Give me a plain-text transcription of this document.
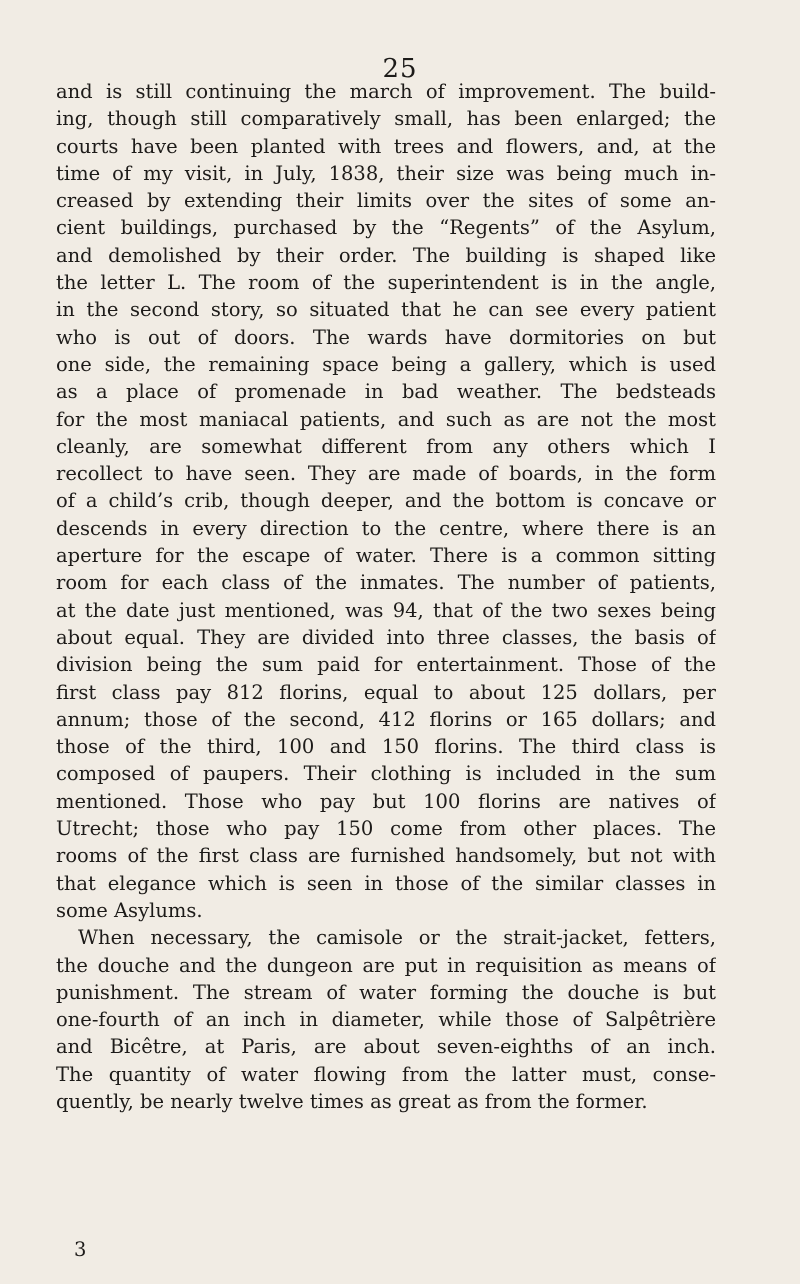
25
and is still continuing the march of improvement. The build-
ing, though still comparatively small, has been enlarged; the
courts have been planted with trees and flowers, and, at the
time of my visit, in July, 1838, their size was being much in-
creased by extending their limits over the sites of some an-
cient buildings, purchased by the “Regents” of the Asylum,
and demolished by their order. The building is shaped like
the letter L. The room of the superintendent is in the angle,
in the second story, so situated that he can see every patient
who is out of doors. The wards have dormitories on but
one side, the remaining space being a gallery, which is used
as a place of promenade in bad weather. The bedsteads
for the most maniacal patients, and such as are not the most
cleanly, are somewhat different from any others which I
recollect to have seen. They are made of boards, in the form
of a child’s crib, though deeper, and the bottom is concave or
descends in every direction to the centre, where there is an
aperture for the escape of water. There is a common sitting
room for each class of the inmates. The number of patients,
at the date just mentioned, was 94, that of the two sexes being
about equal. They are divided into three classes, the basis of
division being the sum paid for entertainment. Those of the
first class pay 812 florins, equal to about 125 dollars, per
annum; those of the second, 412 florins or 165 dollars; and
those of the third, 100 and 150 florins. The third class is
composed of paupers. Their clothing is included in the sum
mentioned. Those who pay but 100 florins are natives of
Utrecht; those who pay 150 come from other places. The
rooms of the first class are furnished handsomely, but not with
that elegance which is seen in those of the similar classes in
some Asylums.
When necessary, the camisole or the strait-jacket, fetters,
the douche and the dungeon are put in requisition as means of
punishment. The stream of water forming the douche is but
one-fourth of an inch in diameter, while those of Salpêtrière
and Bicêtre, at Paris, are about seven-eighths of an inch.
The quantity of water flowing from the latter must, conse-
quently, be nearly twelve times as great as from the former.
3
